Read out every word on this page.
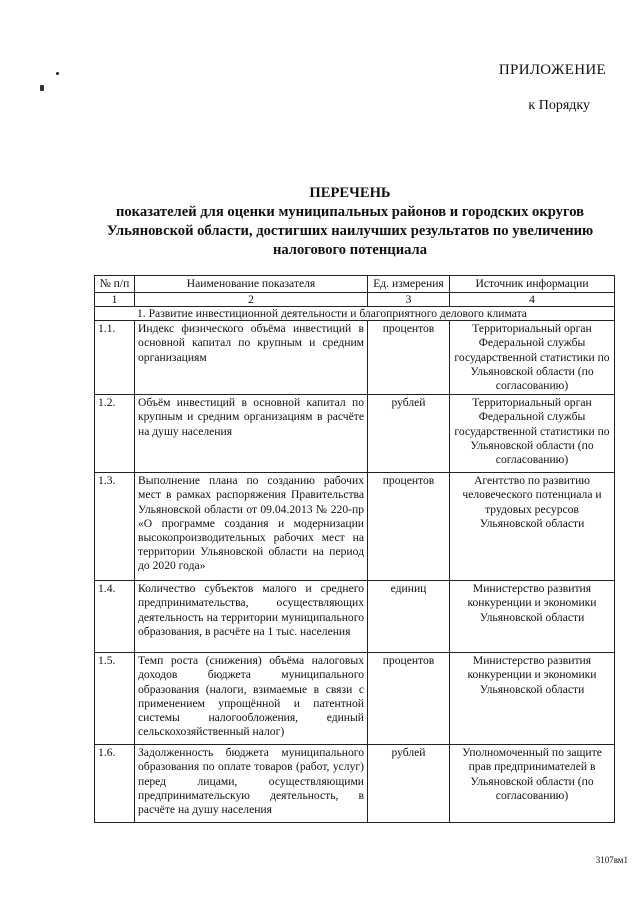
ПРИЛОЖЕНИЕ
к Порядку
ПЕРЕЧЕНЬ
показателей для оценки муниципальных районов и городских округов
Ульяновской области, достигших наилучших результатов по увеличению
налогового потенциала
№ п/п	Наименование показателя	Ед. измерения	Источник информации
1	2	3	4
1. Развитие инвестиционной деятельности и благоприятного делового климата			
1.1.	Индекс физического объёма инвестиций в основной капитал по крупным и средним организациям	процентов	Территориальный орган Федеральной службы государственной статистики по Ульяновской области (по согласованию)
1.2.	Объём инвестиций в основной капитал по крупным и средним организациям в расчёте на душу населения	рублей	Территориальный орган Федеральной службы государственной статистики по Ульяновской области (по согласованию)
1.3.	Выполнение плана по созданию рабочих мест в рамках распоряжения Правительства Ульяновской области от 09.04.2013 № 220-пр «О программе создания и модернизации высокопроизводительных рабочих мест на территории Ульяновской области на период до 2020 года»	процентов	Агентство по развитию человеческого потенциала и трудовых ресурсов Ульяновской области
1.4.	Количество субъектов малого и среднего предпринимательства, осуществляющих деятельность на территории муниципального образования, в расчёте на 1 тыс. населения	единиц	Министерство развития конкуренции и экономики Ульяновской области
1.5.	Темп роста (снижения) объёма налоговых доходов бюджета муниципального образования (налоги, взимаемые в связи с применением упрощённой и патентной системы налогообложения, единый сельскохозяйственный налог)	процентов	Министерство развития конкуренции и экономики Ульяновской области
1.6.	Задолженность бюджета муниципального образования по оплате товаров (работ, услуг) перед лицами, осуществляющими предпринимательскую деятельность, в расчёте на душу населения	рублей	Уполномоченный по защите прав предпринимателей в Ульяновской области (по согласованию)
3107вм1
